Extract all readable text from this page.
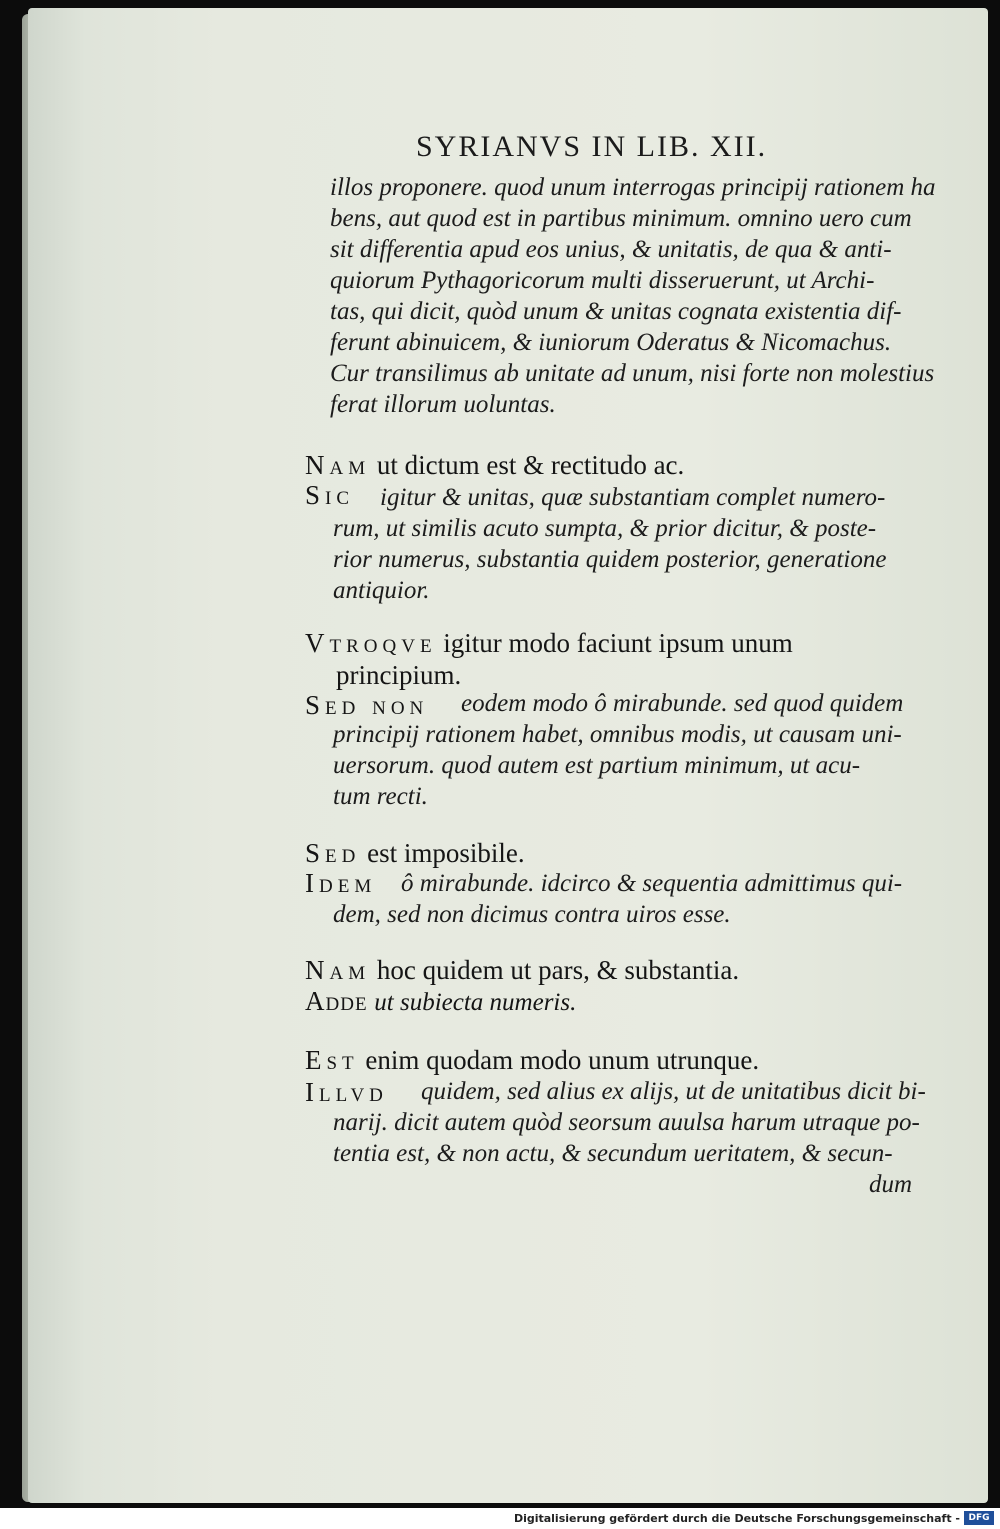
SYRIANVS IN LIB. XII.
illos proponere. quod unum interrogas principij rationem ha
bens, aut quod est in partibus minimum. omnino uero cum
sit differentia apud eos unius, & unitatis, de qua & anti-
quiorum Pythagoricorum multi disseruerunt, ut Archi-
tas, qui dicit, quòd unum & unitas cognata existentia dif-
ferunt abinuicem, & iuniorum Oderatus & Nicomachus.
Cur transilimus ab unitate ad unum, nisi forte non molestius
ferat illorum uoluntas.
Nam ut dictum est & rectitudo ac.
Sic	igitur & unitas, quæ substantiam complet numero-
rum, ut similis acuto sumpta, & prior dicitur, & poste-
rior numerus, substantia quidem posterior, generatione
antiquior.
Vtroqve igitur modo faciunt ipsum unum
principium.
Sed non	eodem modo ô mirabunde. sed quod quidem
principij rationem habet, omnibus modis, ut causam uni-
uersorum. quod autem est partium minimum, ut acu-
tum recti.
Sed est imposibile.
Idem ô mirabunde. idcirco & sequentia admittimus qui-
dem, sed non dicimus contra uiros esse.
Nam hoc quidem ut pars, & substantia.
Adde ut subiecta numeris.
Est enim quodam modo unum utrunque.
Illvd	quidem, sed alius ex alijs, ut de unitatibus dicit bi-
narij. dicit autem quòd seorsum auulsa harum utraque po-
tentia est, & non actu, & secundum ueritatem, & secun-
dum
Digitalisierung gefördert durch die Deutsche Forschungsgemeinschaft - DFG
